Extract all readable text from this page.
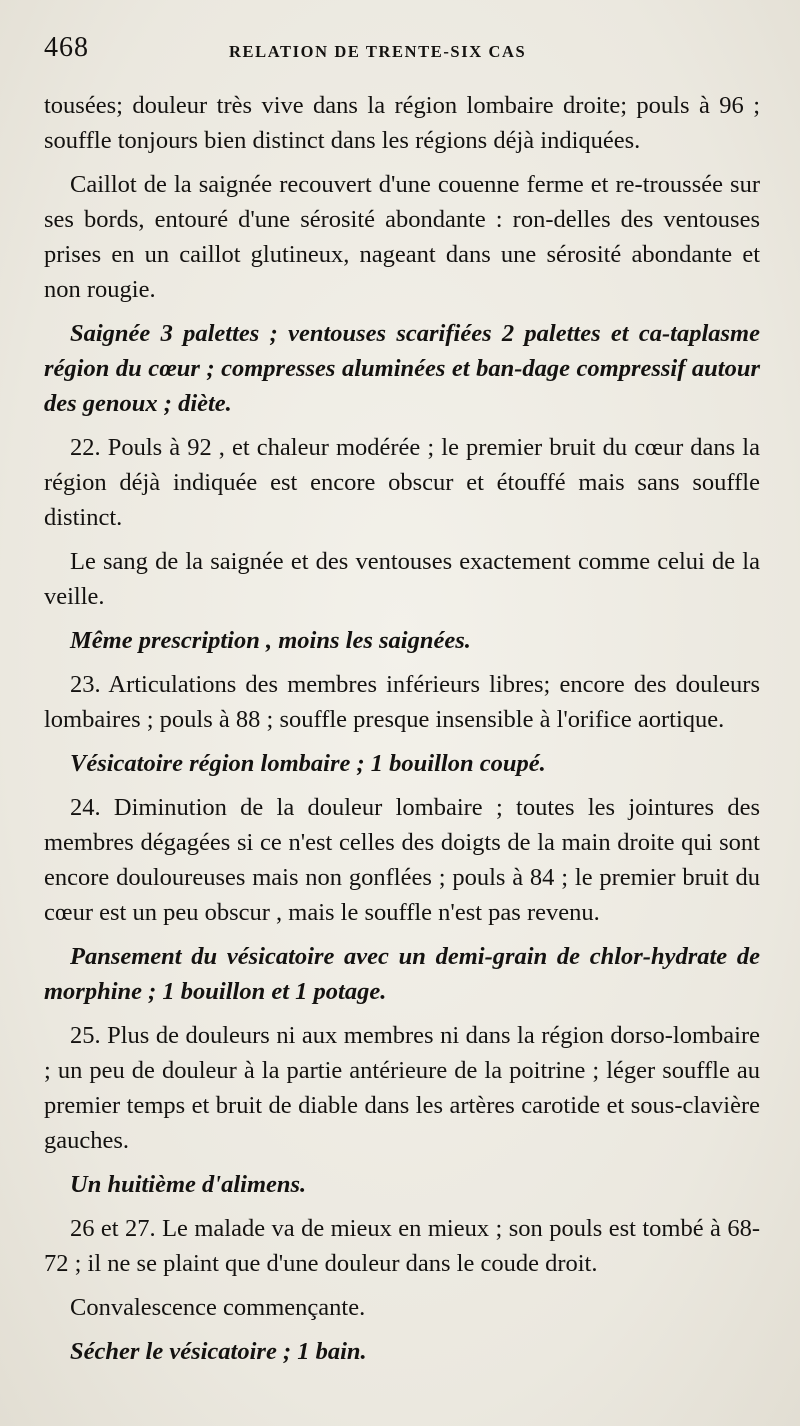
468	RELATION DE TRENTE-SIX CAS

tousées; douleur très vive dans la région lombaire droite; pouls à 96 ; souffle tonjours bien distinct dans les régions déjà indiquées.

Caillot de la saignée recouvert d'une couenne ferme et re-troussée sur ses bords, entouré d'une sérosité abondante : ron-delles des ventouses prises en un caillot glutineux, nageant dans une sérosité abondante et non rougie.

Saignée 3 palettes ; ventouses scarifiées 2 palettes et ca-taplasme région du cœur ; compresses aluminées et ban-dage compressif autour des genoux ; diète.

22. Pouls à 92 , et chaleur modérée ; le premier bruit du cœur dans la région déjà indiquée est encore obscur et étouffé mais sans souffle distinct.

Le sang de la saignée et des ventouses exactement comme celui de la veille.

Même prescription , moins les saignées.

23. Articulations des membres inférieurs libres; encore des douleurs lombaires ; pouls à 88 ; souffle presque insensible à l'orifice aortique.

Vésicatoire région lombaire ; 1 bouillon coupé.

24. Diminution de la douleur lombaire ; toutes les jointures des membres dégagées si ce n'est celles des doigts de la main droite qui sont encore douloureuses mais non gonflées ; pouls à 84 ; le premier bruit du cœur est un peu obscur , mais le souffle n'est pas revenu.

Pansement du vésicatoire avec un demi-grain de chlor-hydrate de morphine ; 1 bouillon et 1 potage.

25. Plus de douleurs ni aux membres ni dans la région dorso-lombaire ; un peu de douleur à la partie antérieure de la poitrine ; léger souffle au premier temps et bruit de diable dans les artères carotide et sous-clavière gauches.

Un huitième d'alimens.

26 et 27. Le malade va de mieux en mieux ; son pouls est tombé à 68-72 ; il ne se plaint que d'une douleur dans le coude droit.

Convalescence commençante.

Sécher le vésicatoire ; 1 bain.
